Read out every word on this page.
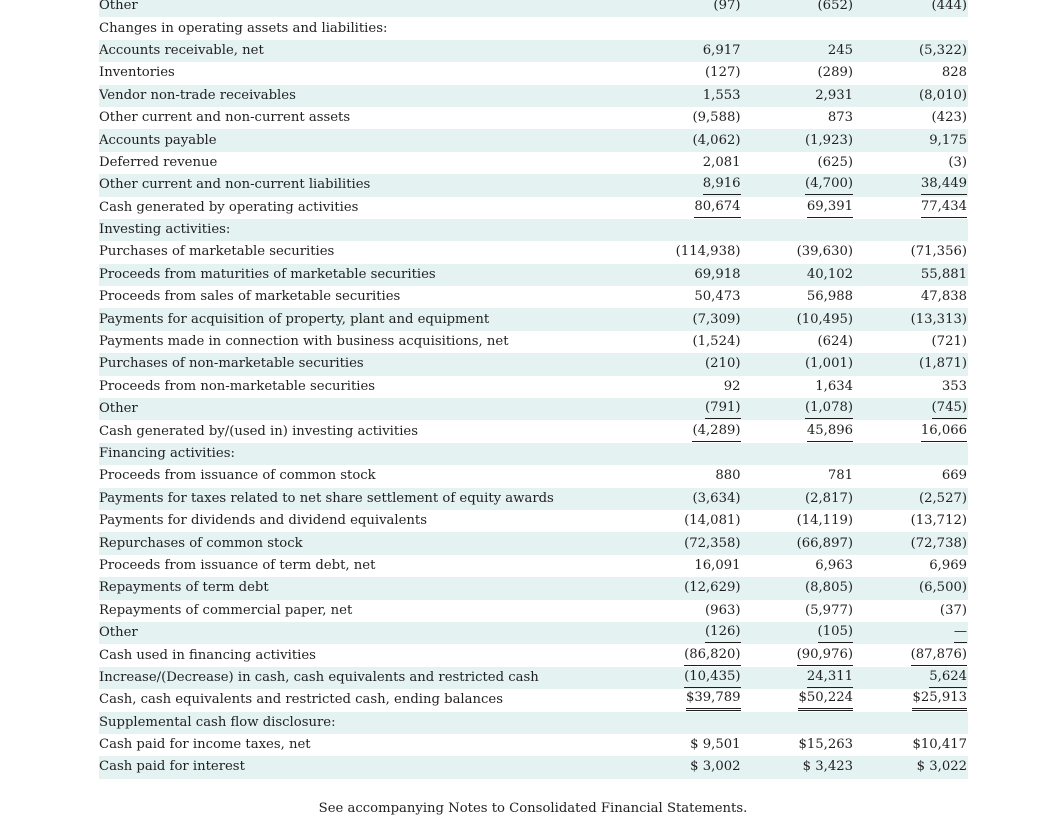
Other	(97)	(652)	(444)
Changes in operating assets and liabilities:			
Accounts receivable, net	6,917	245	(5,322)
Inventories	(127)	(289)	828
Vendor non-trade receivables	1,553	2,931	(8,010)
Other current and non-current assets	(9,588)	873	(423)
Accounts payable	(4,062)	(1,923)	9,175
Deferred revenue	2,081	(625)	(3)
Other current and non-current liabilities	8,916	(4,700)	38,449
Cash generated by operating activities	80,674	69,391	77,434
Investing activities:			
Purchases of marketable securities	(114,938)	(39,630)	(71,356)
Proceeds from maturities of marketable securities	69,918	40,102	55,881
Proceeds from sales of marketable securities	50,473	56,988	47,838
Payments for acquisition of property, plant and equipment	(7,309)	(10,495)	(13,313)
Payments made in connection with business acquisitions, net	(1,524)	(624)	(721)
Purchases of non-marketable securities	(210)	(1,001)	(1,871)
Proceeds from non-marketable securities	92	1,634	353
Other	(791)	(1,078)	(745)
Cash generated by/(used in) investing activities	(4,289)	45,896	16,066
Financing activities:			
Proceeds from issuance of common stock	880	781	669
Payments for taxes related to net share settlement of equity awards	(3,634)	(2,817)	(2,527)
Payments for dividends and dividend equivalents	(14,081)	(14,119)	(13,712)
Repurchases of common stock	(72,358)	(66,897)	(72,738)
Proceeds from issuance of term debt, net	16,091	6,963	6,969
Repayments of term debt	(12,629)	(8,805)	(6,500)
Repayments of commercial paper, net	(963)	(5,977)	(37)
Other	(126)	(105)	—
Cash used in financing activities	(86,820)	(90,976)	(87,876)
Increase/(Decrease) in cash, cash equivalents and restricted cash	(10,435)	24,311	5,624
Cash, cash equivalents and restricted cash, ending balances	$39,789	$50,224	$25,913
Supplemental cash flow disclosure:			
Cash paid for income taxes, net	$ 9,501	$15,263	$10,417
Cash paid for interest	$ 3,002	$ 3,423	$ 3,022
See accompanying Notes to Consolidated Financial Statements.
